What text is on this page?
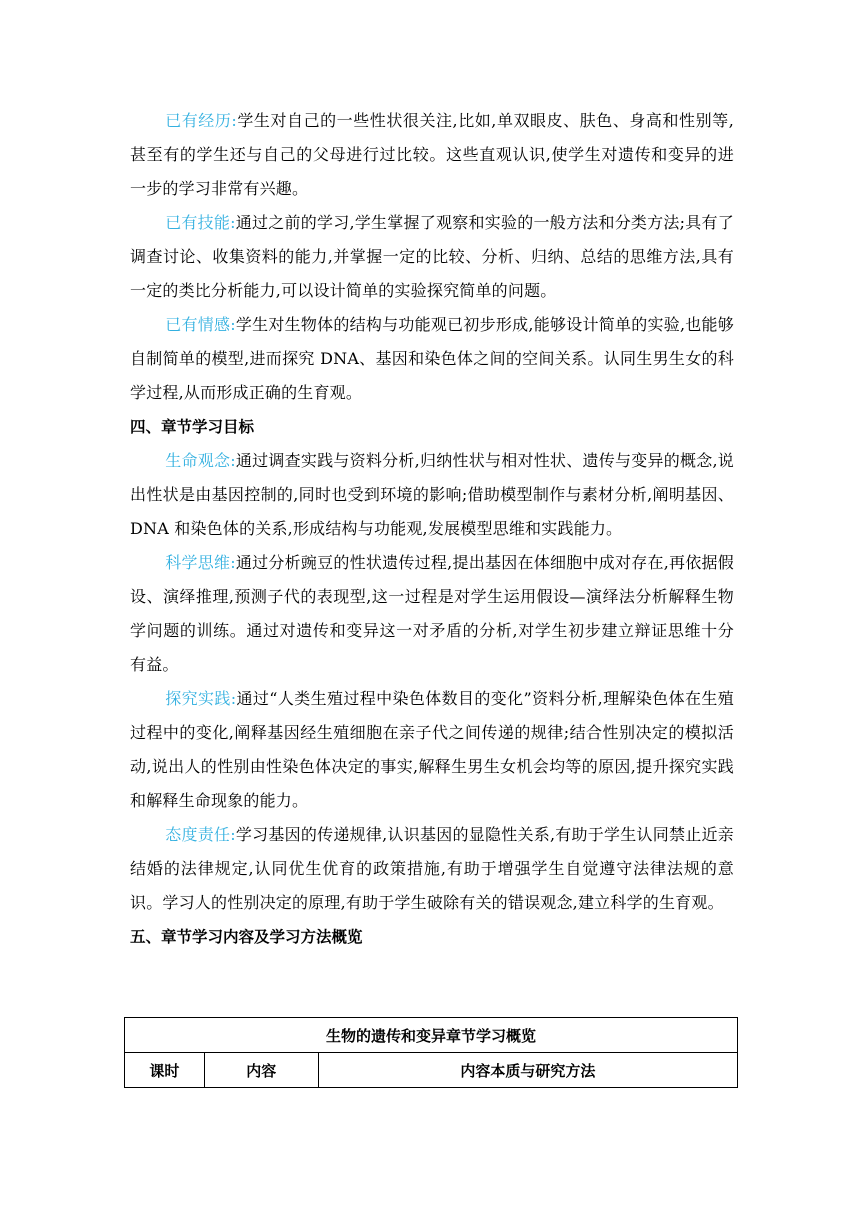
已有经历:学生对自己的一些性状很关注,比如,单双眼皮、肤色、身高和性别等,甚至有的学生还与自己的父母进行过比较。这些直观认识,使学生对遗传和变异的进一步的学习非常有兴趣。

已有技能:通过之前的学习,学生掌握了观察和实验的一般方法和分类方法;具有了调查讨论、收集资料的能力,并掌握一定的比较、分析、归纳、总结的思维方法,具有一定的类比分析能力,可以设计简单的实验探究简单的问题。

已有情感:学生对生物体的结构与功能观已初步形成,能够设计简单的实验,也能够自制简单的模型,进而探究 DNA、基因和染色体之间的空间关系。认同生男生女的科学过程,从而形成正确的生育观。

四、章节学习目标

生命观念:通过调查实践与资料分析,归纳性状与相对性状、遗传与变异的概念,说出性状是由基因控制的,同时也受到环境的影响;借助模型制作与素材分析,阐明基因、DNA 和染色体的关系,形成结构与功能观,发展模型思维和实践能力。

科学思维:通过分析豌豆的性状遗传过程,提出基因在体细胞中成对存在,再依据假设、演绎推理,预测子代的表现型,这一过程是对学生运用假设—演绎法分析解释生物学问题的训练。通过对遗传和变异这一对矛盾的分析,对学生初步建立辩证思维十分有益。

探究实践:通过“人类生殖过程中染色体数目的变化”资料分析,理解染色体在生殖过程中的变化,阐释基因经生殖细胞在亲子代之间传递的规律;结合性别决定的模拟活动,说出人的性别由性染色体决定的事实,解释生男生女机会均等的原因,提升探究实践和解释生命现象的能力。

态度责任:学习基因的传递规律,认识基因的显隐性关系,有助于学生认同禁止近亲结婚的法律规定,认同优生优育的政策措施,有助于增强学生自觉遵守法律法规的意识。学习人的性别决定的原理,有助于学生破除有关的错误观念,建立科学的生育观。

五、章节学习内容及学习方法概览

生物的遗传和变异章节学习概览
课时	内容	内容本质与研究方法
